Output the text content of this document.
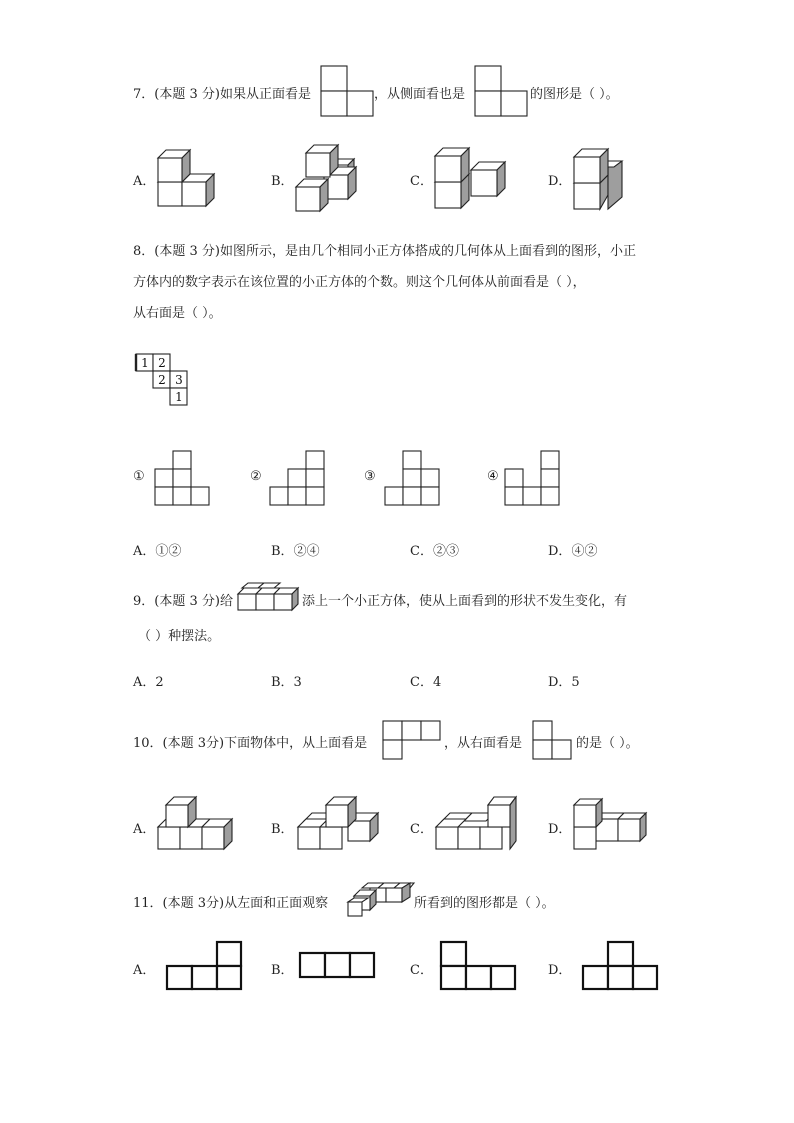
7．(本题 3 分)如果从正面看是	，从侧面看也是	的图形是（ ）。
A．	B．	C．	D．
8．(本题 3 分)如图所示，是由几个相同小正方体搭成的几何体从上面看到的图形，小正
方体内的数字表示在该位置的小正方体的个数。则这个几何体从前面看是（ ），
从右面是（ ）。
1 2
2 3
1
①	②	③	④
A．①②	B．②④	C．②③	D．④②
9．(本题 3 分)给	添上一个小正方体，使从上面看到的形状不发生变化，有
（ ）种摆法。
A．2	B．3	C．4	D．5
10．(本题 3分)下面物体中，从上面看是	，从右面看是	的是（ ）。
A．	B．	C．	D．
11．(本题 3分)从左面和正面观察	所看到的图形都是（ ）。
A．	B．	C．	D．
